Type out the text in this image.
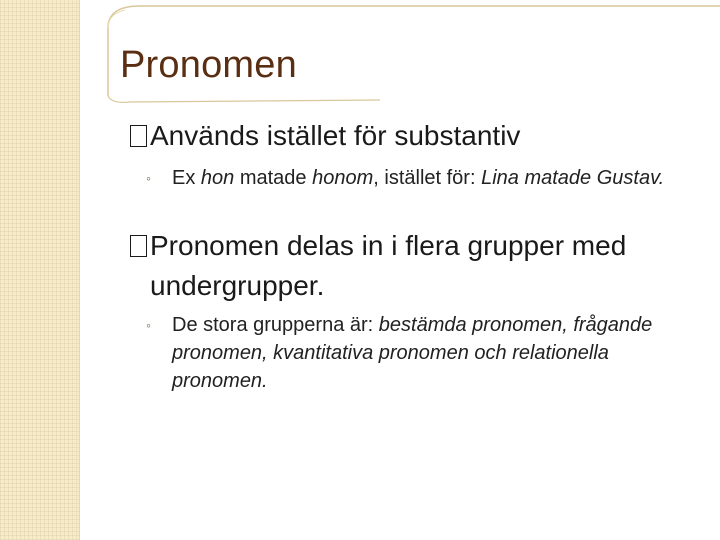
Pronomen
Används istället för substantiv
◦	Ex hon matade honom, istället för: Lina matade Gustav.
Pronomen delas in i flera grupper med
undergrupper.
◦	De stora grupperna är: bestämda pronomen, frågande pronomen, kvantitativa pronomen och relationella pronomen.
